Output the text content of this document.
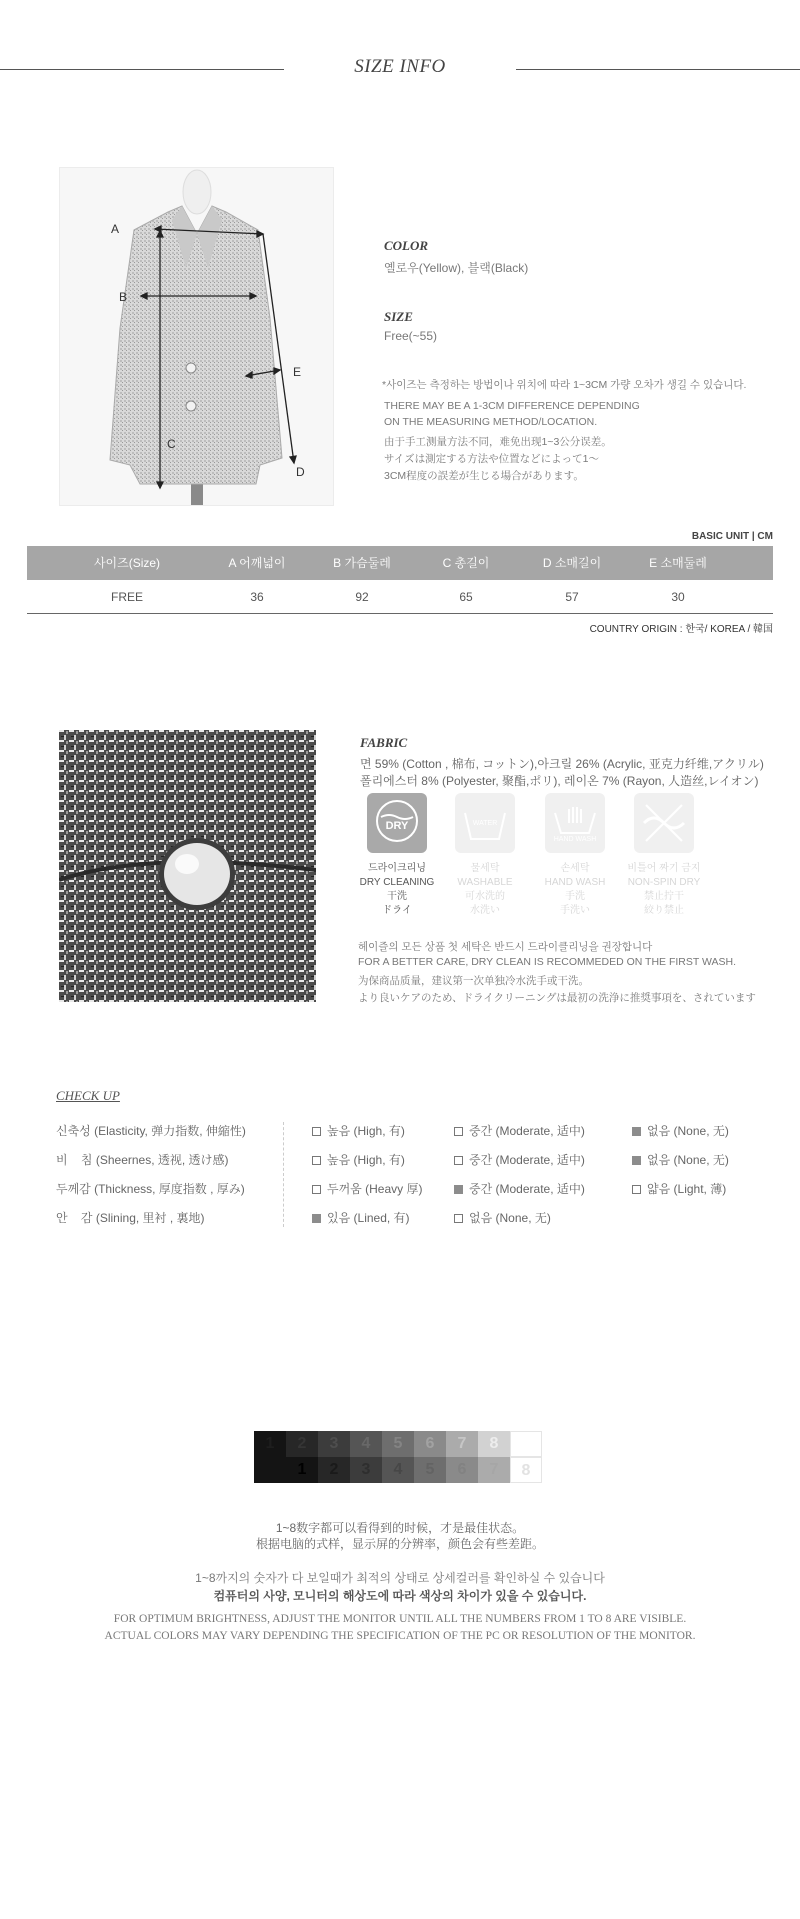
SIZE INFO
A
B
C
D
E
COLOR
옐로우(Yellow), 블랙(Black)
SIZE
Free(~55)
*사이즈는 측정하는 방법이나 위치에 따라 1~3CM 가량 오차가 생길 수 있습니다.
THERE MAY BE A 1-3CM DIFFERENCE DEPENDING
ON THE MEASURING METHOD/LOCATION.
由于手工测量方法不同，难免出现1~3公分误差。
サイズは測定する方法や位置などによって1～
3CM程度の誤差が生じる場合があります。
BASIC UNIT | CM
사이즈(Size)	A 어깨넓이	B 가슴둘레	C 총길이	D 소매길이	E 소매둘레
FREE	36	92	65	57	30
COUNTRY ORIGIN : 한국/ KOREA / 韓国
FABRIC
면 59% (Cotton , 棉布, コットン),아크릴 26% (Acrylic, 亚克力纤维,アクリル)
폴리에스터 8% (Polyester, 聚酯,ポリ), 레이온 7% (Rayon, 人造丝,レイオン)
DRY	WATER
HAND WASH
드라이크리닝
DRY CLEANING
干洗
ドライ
물세탁
WASHABLE
可水洗的
水洗い
손세탁
HAND WASH
手洗
手洗い
비틀어 짜기 금지
NON-SPIN DRY
禁止拧干
絞り禁止
헤이즐의 모든 상품 첫 세탁은 반드시 드라이클리닝을 권장합니다
FOR A BETTER CARE, DRY CLEAN IS RECOMMEDED ON THE FIRST WASH.
为保商品质量，建议第一次单独冷水洗手或干洗。
より良いケアのため、ドライクリーニングは最初の洗浄に推奨事項を、されています
CHECK UP
신축성 (Elasticity, 弹力指数, 伸縮性)	높음 (High, 有)	중간 (Moderate, 适中)	없음 (None, 无)
비    침 (Sheernes, 透视, 透け感)	높음 (High, 有)	중간 (Moderate, 适中)	없음 (None, 无)
두께감 (Thickness, 厚度指数 , 厚み)	두꺼움 (Heavy 厚)	중간 (Moderate, 适中)	얇음 (Light, 薄)
안    감 (Slining, 里衬 , 裏地)	있음 (Lined, 有)	없음 (None, 无)
1	2	3	4	5	6	7	8
1	2	3	4	5	6	7	8
1~8数字都可以看得到的时候，才是最佳状态。
根据电脑的式样，显示屏的分辨率，颜色会有些差距。
1~8까지의 숫자가 다 보일때가 최적의 상태로 상세컬러를 확인하실 수 있습니다
컴퓨터의 사양, 모니터의 해상도에 따라 색상의 차이가 있을 수 있습니다.
FOR OPTIMUM BRIGHTNESS, ADJUST THE MONITOR UNTIL ALL THE NUMBERS FROM 1 TO 8 ARE VISIBLE.
ACTUAL COLORS MAY VARY DEPENDING THE SPECIFICATION OF THE PC OR RESOLUTION OF THE MONITOR.
